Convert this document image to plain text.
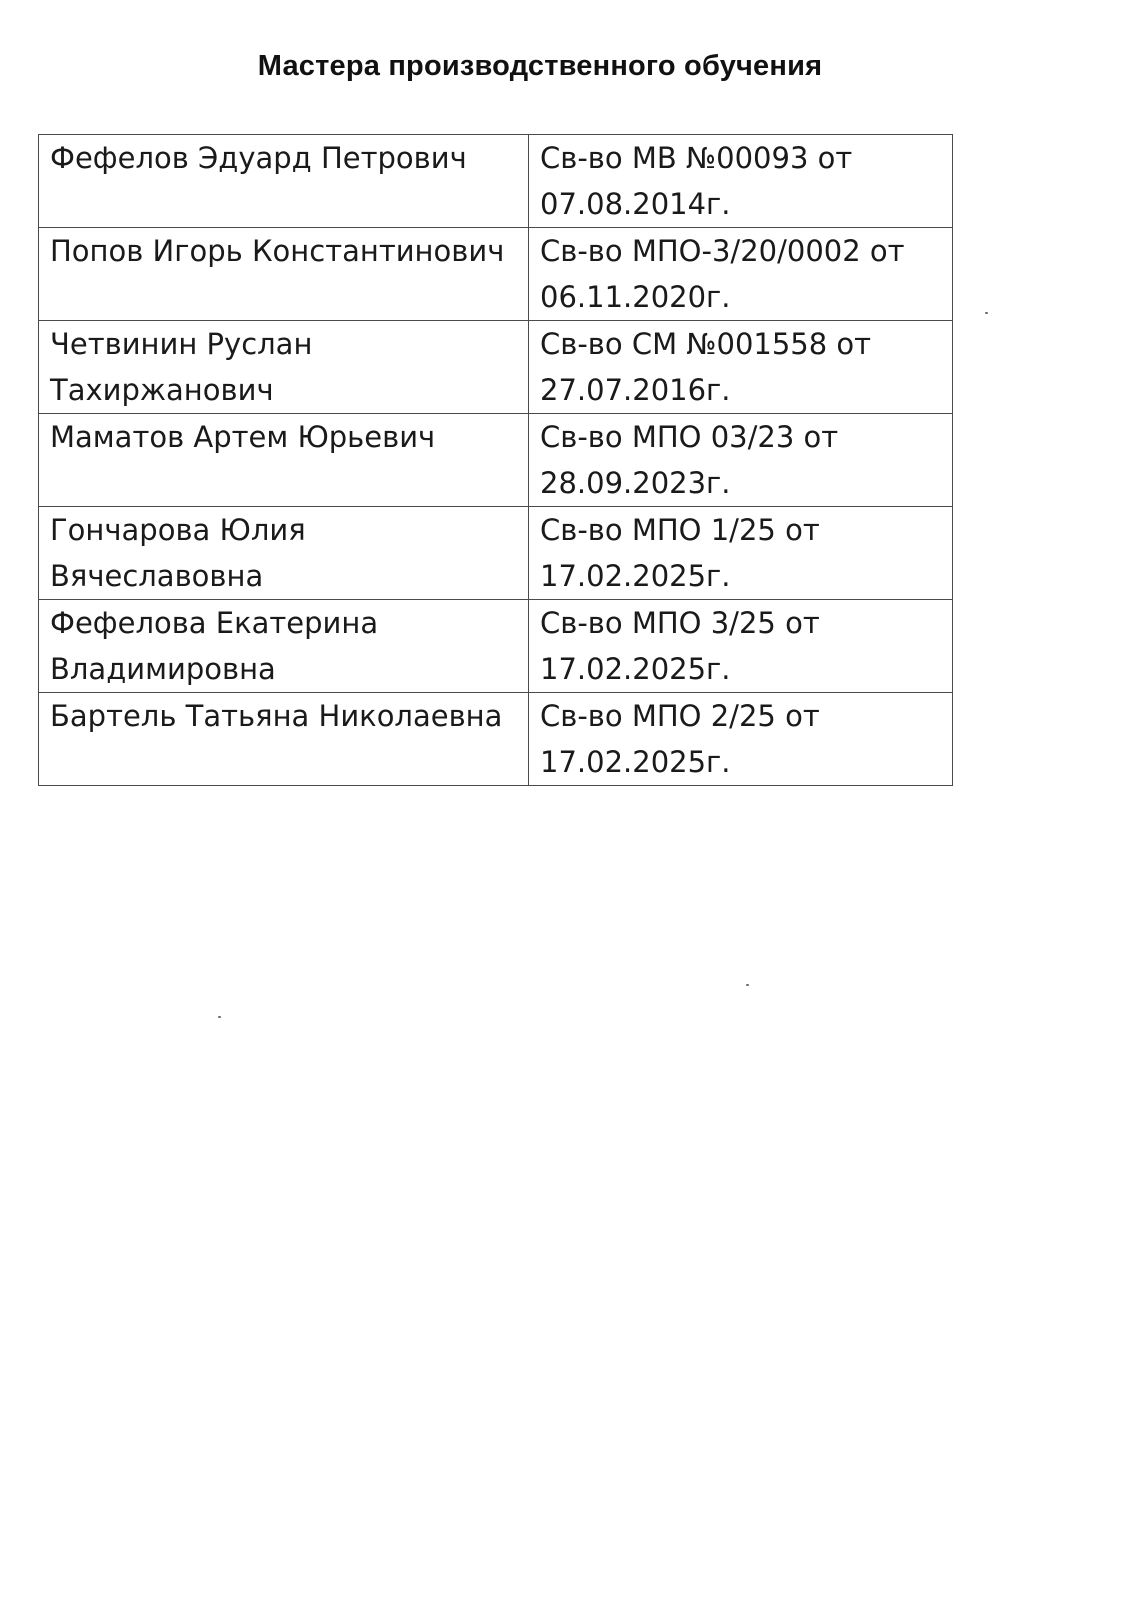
Мастера производственного обучения
Фефелов Эдуард Петрович	Св-во МВ №00093 от 07.08.2014г.
Попов Игорь Константинович	Св-во МПО-3/20/0002 от 06.11.2020г.
Четвинин Руслан Тахиржанович	Св-во СМ №001558 от 27.07.2016г.
Маматов Артем Юрьевич	Св-во МПО 03/23 от 28.09.2023г.
Гончарова Юлия Вячеславовна	Св-во МПО 1/25 от 17.02.2025г.
Фефелова Екатерина Владимировна	Св-во МПО 3/25 от 17.02.2025г.
Бартель Татьяна Николаевна	Св-во МПО 2/25 от 17.02.2025г.
